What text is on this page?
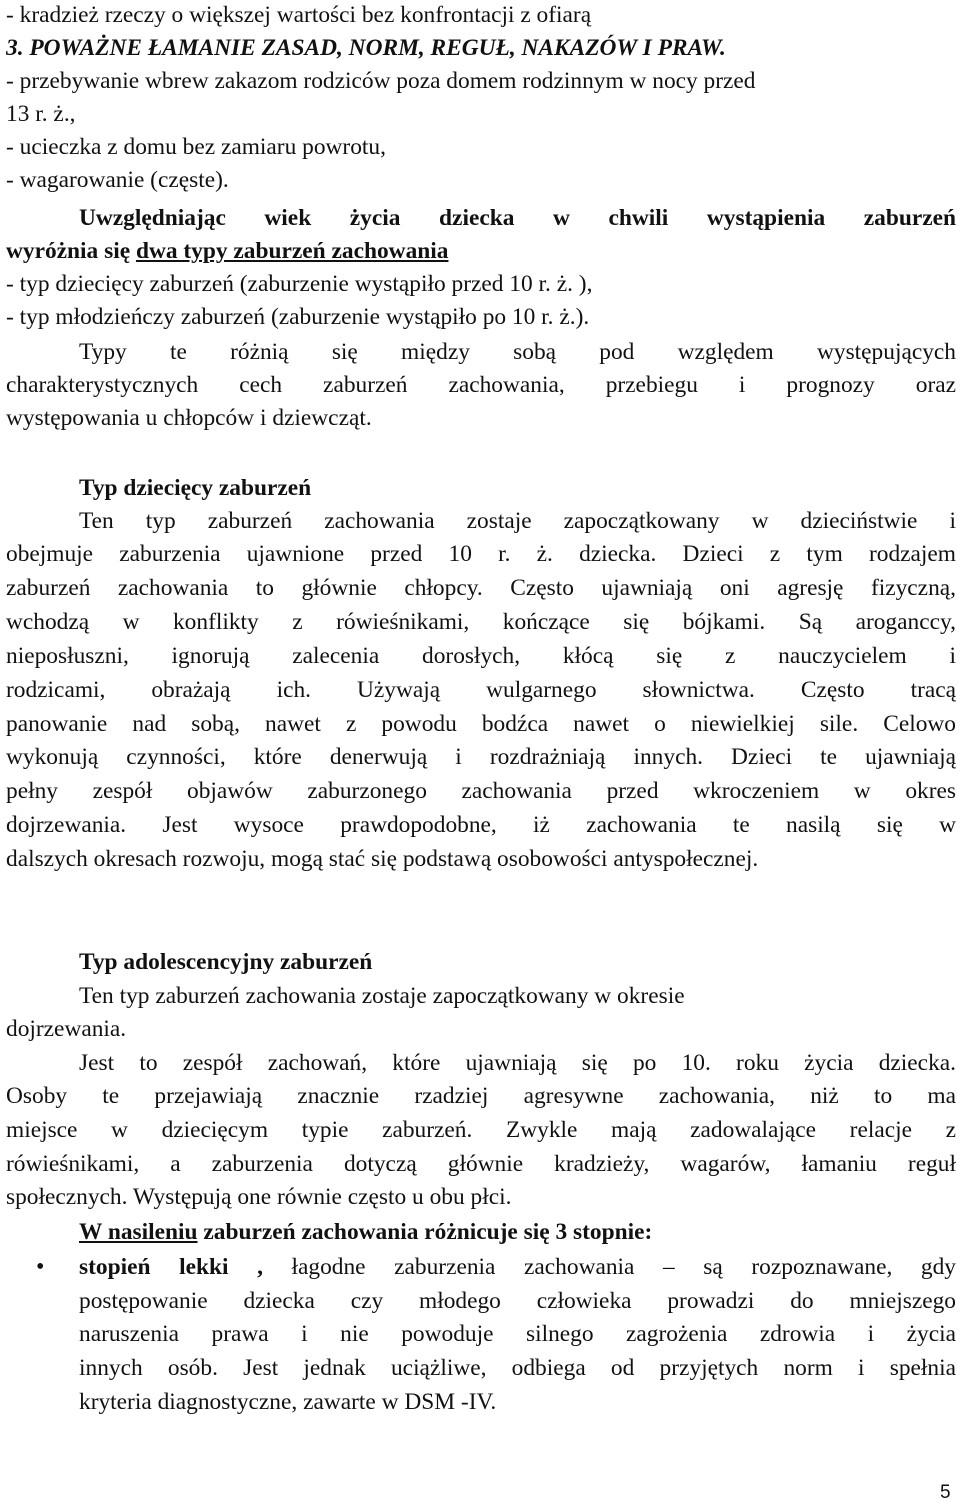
- kradzież rzeczy o większej wartości bez konfrontacji z ofiarą
3. POWAŻNE ŁAMANIE ZASAD, NORM, REGUŁ, NAKAZÓW I PRAW.
- przebywanie wbrew zakazom rodziców poza domem rodzinnym w nocy przed
13 r. ż.,
- ucieczka z domu bez zamiaru powrotu,
- wagarowanie (częste).
Uwzględniając wiek życia dziecka w chwili wystąpienia zaburzeń
wyróżnia się dwa typy zaburzeń zachowania
- typ dziecięcy zaburzeń (zaburzenie wystąpiło przed 10 r. ż. ),
- typ młodzieńczy zaburzeń (zaburzenie wystąpiło po 10 r. ż.).
Typy te różnią się między sobą pod względem występujących
charakterystycznych cech zaburzeń zachowania, przebiegu i prognozy oraz
występowania u chłopców i dziewcząt.
Typ dziecięcy zaburzeń
Ten typ zaburzeń zachowania zostaje zapoczątkowany w dzieciństwie i
obejmuje zaburzenia ujawnione przed 10 r. ż. dziecka. Dzieci z tym rodzajem
zaburzeń zachowania to głównie chłopcy. Często ujawniają oni agresję fizyczną,
wchodzą w konflikty z rówieśnikami, kończące się bójkami. Są aroganccy,
nieposłuszni, ignorują zalecenia dorosłych, kłócą się z nauczycielem i
rodzicami, obrażają ich. Używają wulgarnego słownictwa. Często tracą
panowanie nad sobą, nawet z powodu bodźca nawet o niewielkiej sile. Celowo
wykonują czynności, które denerwują i rozdrażniają innych. Dzieci te ujawniają
pełny zespół objawów zaburzonego zachowania przed wkroczeniem w okres
dojrzewania. Jest wysoce prawdopodobne, iż zachowania te nasilą się w
dalszych okresach rozwoju, mogą stać się podstawą osobowości antyspołecznej.
Typ adolescencyjny zaburzeń
Ten typ zaburzeń zachowania zostaje zapoczątkowany w okresie
dojrzewania.
Jest to zespół zachowań, które ujawniają się po 10. roku życia dziecka.
Osoby te przejawiają znacznie rzadziej agresywne zachowania, niż to ma
miejsce w dziecięcym typie zaburzeń. Zwykle mają zadowalające relacje z
rówieśnikami, a zaburzenia dotyczą głównie kradzieży, wagarów, łamaniu reguł
społecznych. Występują one równie często u obu płci.
W nasileniu zaburzeń zachowania różnicuje się 3 stopnie:
•	stopień lekki , łagodne zaburzenia zachowania – są rozpoznawane, gdy
postępowanie dziecka czy młodego człowieka prowadzi do mniejszego
naruszenia prawa i nie powoduje silnego zagrożenia zdrowia i życia
innych osób. Jest jednak uciążliwe, odbiega od przyjętych norm i spełnia
kryteria diagnostyczne, zawarte w DSM -IV.
5
